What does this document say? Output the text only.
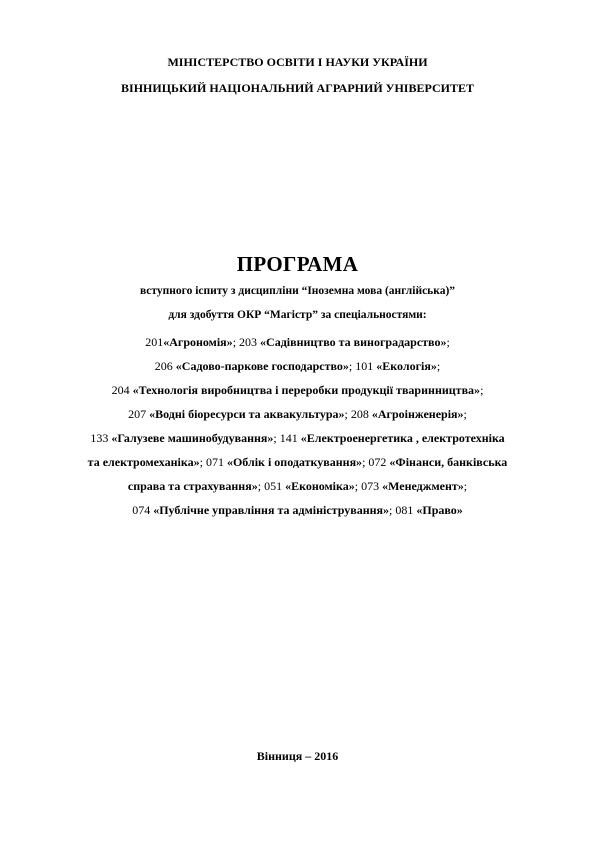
МІНІСТЕРСТВО ОСВІТИ І НАУКИ УКРАЇНИ
ВІННИЦЬКИЙ НАЦІОНАЛЬНИЙ АГРАРНИЙ УНІВЕРСИТЕТ
ПРОГРАМА
вступного іспиту з дисципліни “Іноземна мова (англійська)”
для здобуття ОКР “Магістр” за спеціальностями:
201«Агрономія»; 203 «Садівництво та виноградарство»;
206 «Садово-паркове господарство»; 101 «Екологія»;
204 «Технологія виробництва і переробки продукції тваринництва»;
207 «Водні біоресурси та аквакультура»; 208 «Агроінженерія»;
133 «Галузеве машинобудування»; 141 «Електроенергетика , електротехніка
та електромеханіка»; 071 «Облік і оподаткування»; 072 «Фінанси, банківська
справа та страхування»; 051 «Економіка»; 073 «Менеджмент»;
074 «Публічне управління та адміністрування»; 081 «Право»
Вінниця – 2016
